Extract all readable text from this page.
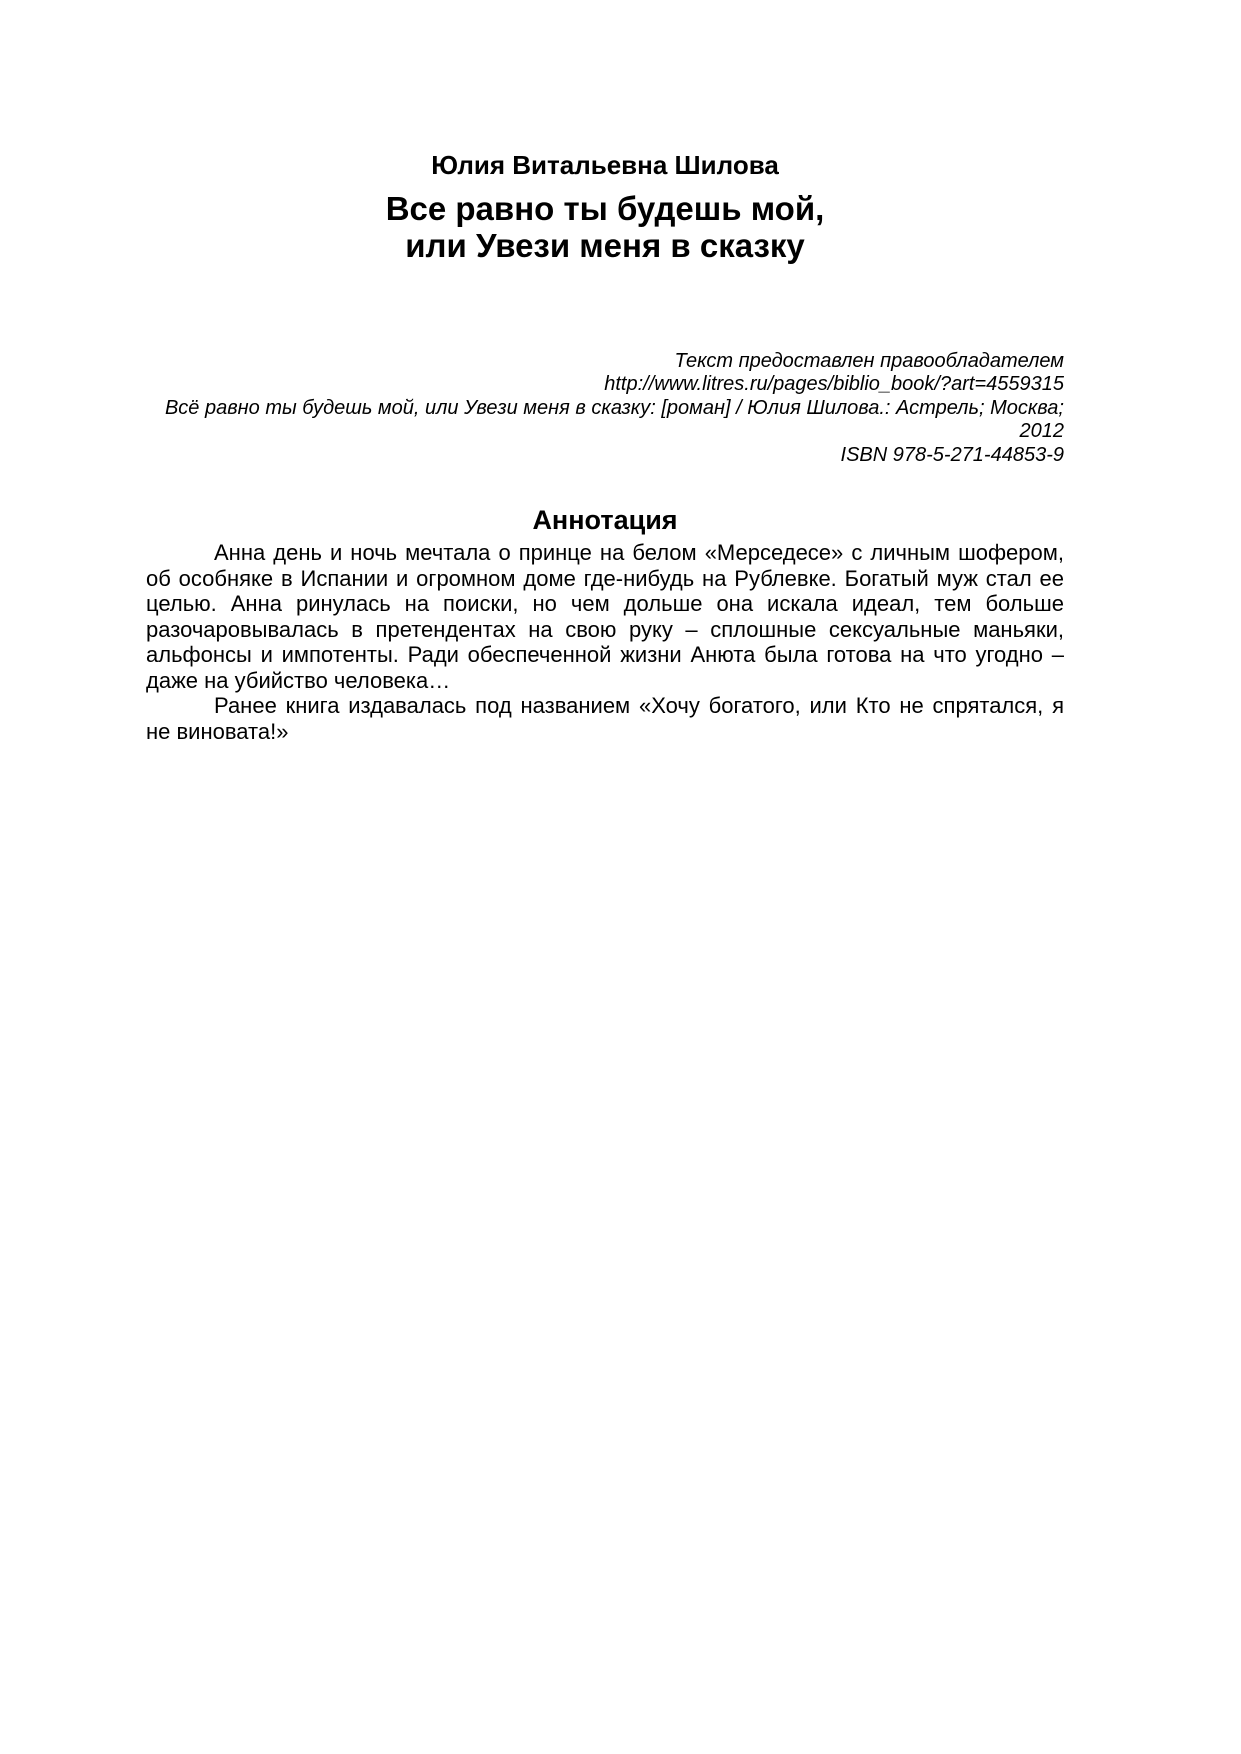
Юлия Витальевна Шилова
Все равно ты будешь мой,
или Увези меня в сказку
Текст предоставлен правообладателем
http://www.litres.ru/pages/biblio_book/?art=4559315
Всё равно ты будешь мой, или Увези меня в сказку: [роман] / Юлия Шилова.: Астрель; Москва;
2012
ISBN 978-5-271-44853-9
Аннотация

Анна день и ночь мечтала о принце на белом «Мерседесе» с личным шофером, об особняке в Испании и огромном доме где-нибудь на Рублевке. Богатый муж стал ее целью. Анна ринулась на поиски, но чем дольше она искала идеал, тем больше разочаровывалась в претендентах на свою руку – сплошные сексуальные маньяки, альфонсы и импотенты. Ради обеспеченной жизни Анюта была готова на что угодно – даже на убийство человека…

Ранее книга издавалась под названием «Хочу богатого, или Кто не спрятался, я не виновата!»
